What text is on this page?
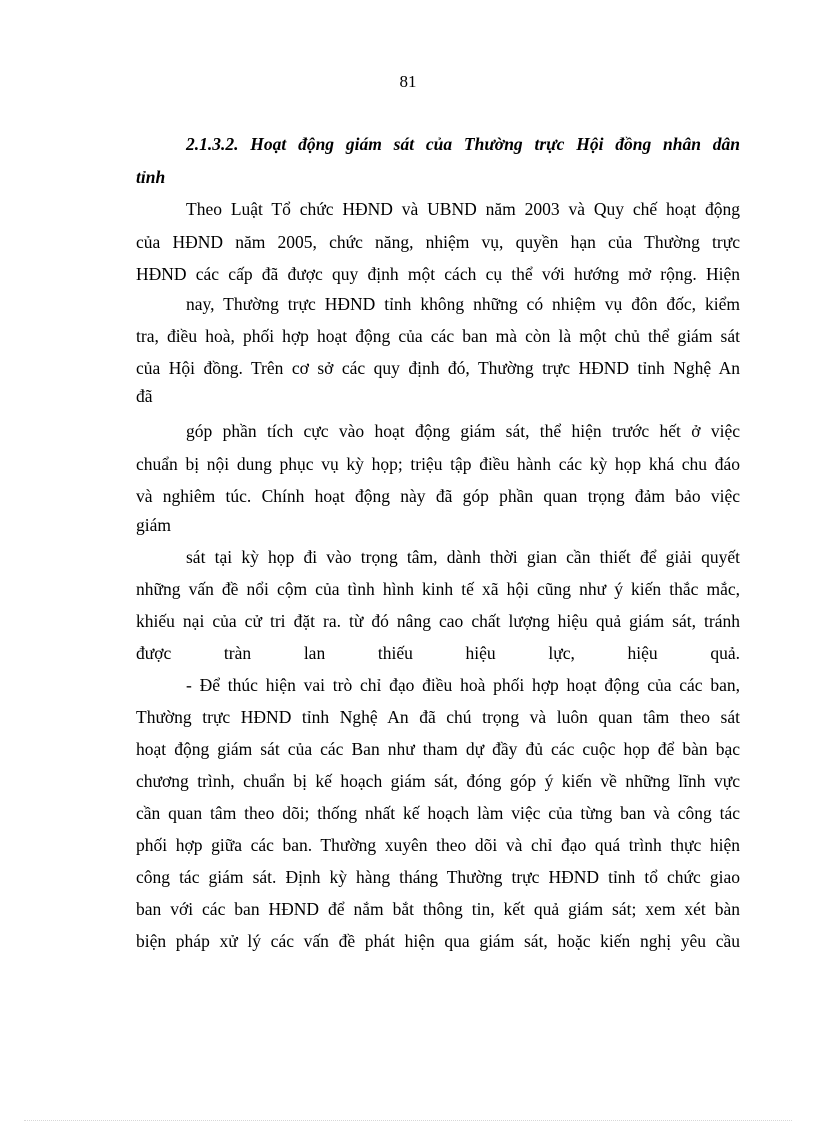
81
2.1.3.2. Hoạt động giám sát của Thường trực Hội đồng nhân dân
tỉnh
Theo Luật Tổ chức HĐND và UBND năm 2003 và Quy chế hoạt động
của HĐND năm 2005, chức năng, nhiệm vụ, quyền hạn của Thường trực
HĐND các cấp đã được quy định một cách cụ thể với hướng mở rộng. Hiện
nay, Thường trực HĐND tỉnh không những có nhiệm vụ đôn đốc, kiểm
tra, điều hoà, phối hợp hoạt động của các ban mà còn là một chủ thể giám sát
của Hội đồng. Trên cơ sở các quy định đó, Thường trực HĐND tỉnh Nghệ An
đã
góp phần tích cực vào hoạt động giám sát, thể hiện trước hết ở việc
chuẩn bị nội dung phục vụ kỳ họp; triệu tập điều hành các kỳ họp khá chu đáo
và nghiêm túc. Chính hoạt động này đã góp phần quan trọng đảm bảo việc
giám
sát tại kỳ họp đi vào trọng tâm, dành thời gian cần thiết để giải quyết
những vấn đề nổi cộm của tình hình kinh tế xã hội cũng như ý kiến thắc mắc,
khiếu nại của cử tri đặt ra. từ đó nâng cao chất lượng hiệu quả giám sát, tránh
được tràn lan thiếu hiệu lực, hiệu quả.
- Để thúc hiện vai trò chỉ đạo điều hoà phối hợp hoạt động của các ban,
Thường trực HĐND tỉnh Nghệ An đã chú trọng và luôn quan tâm theo sát
hoạt động giám sát của các Ban như tham dự đầy đủ các cuộc họp để bàn bạc
chương trình, chuẩn bị kế hoạch giám sát, đóng góp ý kiến về những lĩnh vực
cần quan tâm theo dõi; thống nhất kế hoạch làm việc của từng ban và công tác
phối hợp giữa các ban. Thường xuyên theo dõi và chỉ đạo quá trình thực hiện
công tác giám sát. Định kỳ hàng tháng Thường trực HĐND tỉnh tổ chức giao
ban với các ban HĐND để nắm bắt thông tin, kết quả giám sát; xem xét bàn
biện pháp xử lý các vấn đề phát hiện qua giám sát, hoặc kiến nghị yêu cầu
